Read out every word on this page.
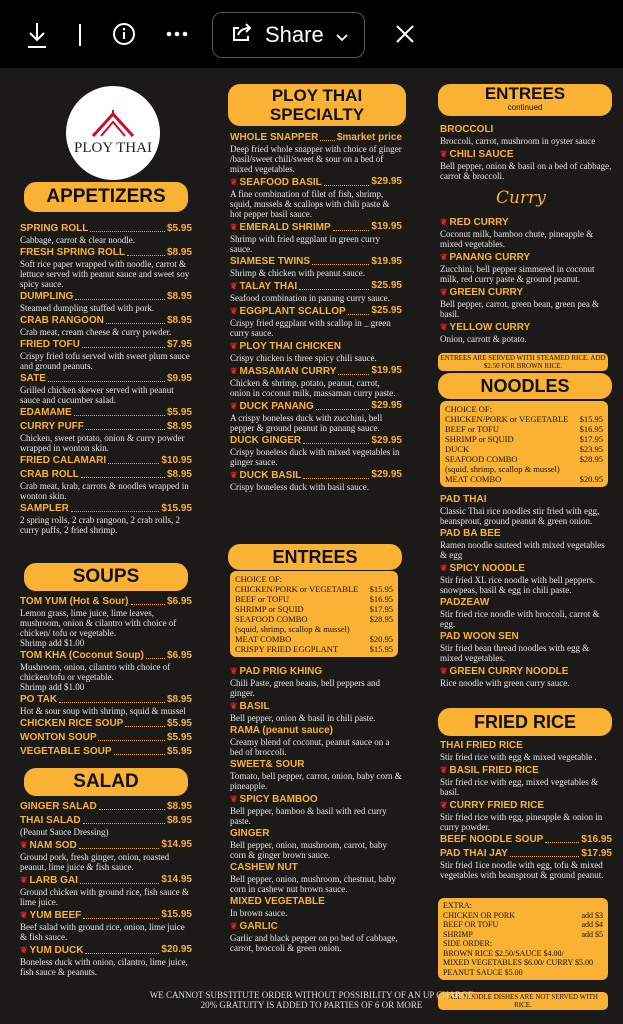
Share
PLOY THAI
APPETIZERS
SPRING ROLL	$5.95
Cabbage, carrot & clear noodle.
FRESH SPRING ROLL	$8.95
Soft rice paper wrapped with noodle, carrot & lettuce served with peanut sauce and sweet soy spicy sauce.
DUMPLING	$8.95
Steamed dumpling stuffed with pork.
CRAB RANGOON	$8.95
Crab meat, cream cheese & curry powder.
FRIED TOFU	$7.95
Crispy fried tofu served with sweet plum sauce and ground peanuts.
SATE	$9.95
Grilled chicken skewer served with peanut sauce and cucumber salad.
EDAMAME	$5.95
CURRY PUFF	$8.95
Chicken, sweet potato, onion & curry powder wrapped in wonton skin.
FRIED CALAMARI	$10.95
CRAB ROLL	$8.95
Crab meat, krab, carrots & noodles wrapped in wonton skin.
SAMPLER	$15.95
2 spring rolls, 2 crab rangoon, 2 crab rolls, 2 curry puffs, 2 fried shrimp.
SOUPS
TOM YUM (Hot & Sour)	$6.95
Lemon grass, lime juice, lime leaves, mushroom, onion & cilantro with choice of chicken/ tofu or vegetable.
Shrimp add $1.00
TOM KHA (Coconut Soup) $6.95
Mushroom, onion, cilantro with choice of chicken/tofu or vegetable.
Shrimp add $1.00
PO TAK	$8.95
Hot & sour soup with shrimp, squid & mussel
CHICKEN RICE SOUP	$5.95
WONTON SOUP	$5.95
VEGETABLE SOUP	$5.95
SALAD
GINGER SALAD	$8.95
THAI SALAD	$8.95
(Peanut Sauce Dressing)
❦ NAM SOD	$14.95
Ground pork, fresh ginger, onion, roasted peanut, lime juice & fish sauce.
❦ LARB GAI	$14.95
Ground chicken with ground rice, fish sauce & lime juice.
❦ YUM BEEF	$15.95
Beef salad with ground rice, onion, lime juice & fish sauce.
❦ YUM DUCK	$20.95
Boneless duck with onion, cilantro, lime juice, fish sauce & peanuts.
PLOY THAI SPECIALTY
WHOLE SNAPPER $market price
Deep fried whole snapper with choice of ginger /basil/sweet chili/sweet & sour on a bed of mixed vegetables.
❦ SEAFOOD BASIL	$29.95
A fine combination of filet of fish, shrimp, squid, mussels & scallops with chili paste & hot pepper basil sauce.
❦ EMERALD SHRIMP	$19.95
Shrimp with fried eggplant in green curry sauce.
SIAMESE TWINS	$19.95
Shrimp & chicken with peanut sauce.
❦ TALAY THAI	$25.95
Seafood combination in panang curry sauce.
❦ EGGPLANT SCALLOP	$25.95
Crispy fried eggplant with scallop in _ green curry sauce.
❦ PLOY THAI CHICKEN
Crispy chicken is three spicy chili sauce.
❦ MASSAMAN CURRY	$19.95
Chicken & shrimp, potato, peanut, carrot, onion in coconut milk, massaman curry paste.
❦ DUCK PANANG	$29.95
A crispy boneless duck with zucchini, bell pepper & ground peanut in panang sauce.
DUCK GINGER	$29.95
Crispy boneless duck with mixed vegetables in ginger sauce.
❦ DUCK BASIL	$29.95
Crispy boneless duck with basil sauce.
ENTREES
CHOICE OF:
CHICKEN/PORK or VEGETABLE $15.95
BEEF or TOFU	$16.95
SHRIMP or SQUID	$17.95
SEAFOOD COMBO	$28.95
(squid, shrimp, scallop & mussel)
MEAT COMBO	$20.95
CRISPY FRIED EGGPLANT	$15.95
❦ PAD PRIG KHING
Chili Paste, green beans, bell peppers and ginger.
❦ BASIL
Bell pepper, onion & basil in chili paste.
RAMA (peanut sauce)
Creamy blend of coconut, peanut sauce on a bed of broccoli.
SWEET& SOUR
Tomato, bell pepper, carrot, onion, baby corn & pineapple.
❦ SPICY BAMBOO
Bell pepper, bamboo & basil with red curry paste.
GINGER
Bell pepper, onion, mushroom, carrot, baby corn & ginger brown sauce.
CASHEW NUT
Bell pepper, onion, mushroom, chestnut, baby corn in cashew nut brown sauce.
MIXED VEGETABLE
In brown sauce.
❦ GARLIC
Garlic and black pepper on po bed of cabbage, carrot, broccoli & green onion.
ENTREES
continued
BROCCOLI
Broccoli, carrot, mushroom in oyster sauce
❦ CHILI SAUCE
Bell pepper, onion & basil on a bed of cabbage, carrot & broccoli.
Curry
❦ RED CURRY
Coconut milk, bamboo chute, pineapple & mixed vegetables.
❦ PANANG CURRY
Zucchini, bell pepper simmered in coconut milk, red curry paste & ground peanut.
❦ GREEN CURRY
Bell pepper, carrot, green bean, green pea & basil.
❦ YELLOW CURRY
Onion, carrott & potato.
ENTREES ARE SERVED WITH STEAMED RICE. ADD $2.50 FOR BROWN RICE.
NOODLES
CHOICE OF:
CHICKEN/PORK or VEGETABLE $15.95
BEEF or TOFU	$16.95
SHRIMP or SQUID	$17.95
DUCK	$23.95
SEAFOOD COMBO	$28.95
(squid, shrimp, scallop & mussel)
MEAT COMBO	$20.95
PAD THAI
Classic Thai rice noodles stir fried with egg, beansprout, ground peanut & green onion.
PAD BA BEE
Ramen noodle sauteed with mixed vegetables & egg
❦ SPICY NOODLE
Stir fried XL rice noodle with bell peppers. snowpeas, basil & egg in chili paste.
PADZEAW
Stir fried rice noodle with broccoli, carrot & egg.
PAD WOON SEN
Stir fried bean thread noodles with egg & mixed vegetables.
❦ GREEN CURRY NOODLE
Rice noodle with green curry sauce.
FRIED RICE
THAI FRIED RICE
Stir fried rice with egg & mixed vegetable .
❦ BASIL FRIED RICE
Stir fried rice with egg, mixed vegetables & basil.
❦ CURRY FRIED RICE
Stir fried rice with egg, pineapple & onion in curry powder.
BEEF NOODLE SOUP	$16.95
PAD THAI JAY	$17.95
Stir fried 1ice noodle with egg, tofu & mixed vegetables with beansprout & ground peanut.
EXTRA:
CHICKEN OR PORK	add $3
BEEF OR TOFU	add $4
SHRIMP	add $5
SIDE ORDER:
BROWN RICE $2.50/SAUCE $4.00/
MIXED VEGETABLES $6.00/ CURRY $5.00
PEANUT SAUCE $5.00
ALL NOODLE DISHES ARE NOT SERVED WITH RICE.
WE CANNOT SUBSTITUTE ORDER WITHOUT POSSIBILITY OF AN UP CHARGE
20% GRATUITY IS ADDED TO PARTIES OF 6 OR MORE
